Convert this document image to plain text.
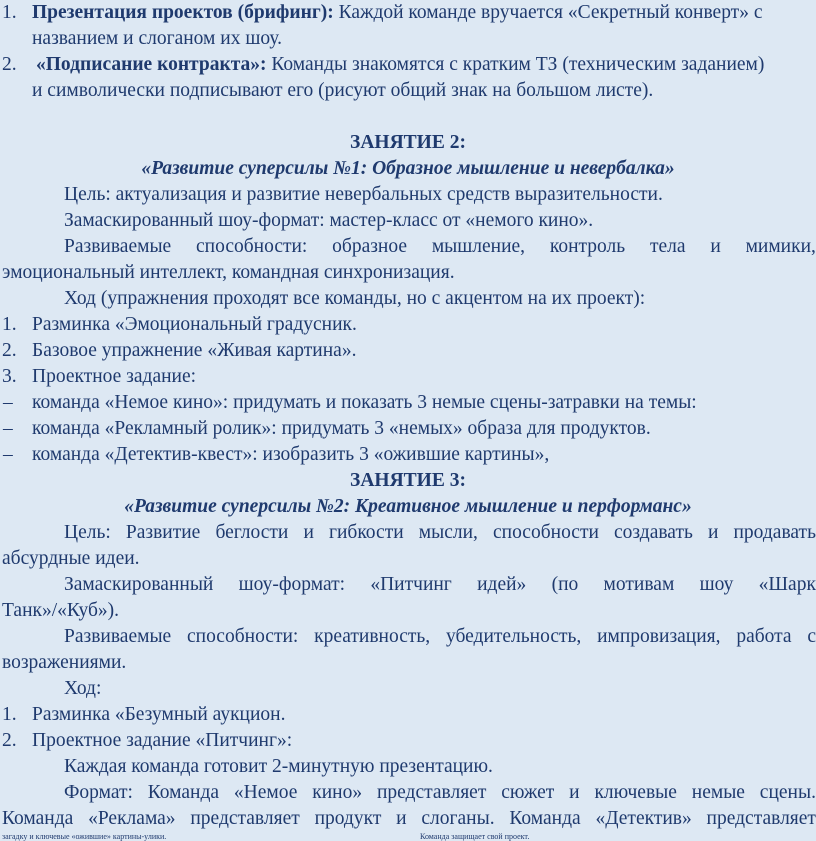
1. Презентация проектов (брифинг): Каждой команде вручается «Секретный конверт» с
названием и слоганом их шоу.
2. «Подписание контракта»: Команды знакомятся с кратким ТЗ (техническим заданием)
и символически подписывают его (рисуют общий знак на большом листе).
ЗАНЯТИЕ 2:
«Развитие суперсилы №1: Образное мышление и невербалка»
Цель: актуализация и развитие невербальных средств выразительности.
Замаскированный шоу-формат: мастер-класс от «немого кино».
Развиваемые способности: образное мышление, контроль тела и мимики,
эмоциональный интеллект, командная синхронизация.
Ход (упражнения проходят все команды, но с акцентом на их проект):
1. Разминка «Эмоциональный градусник.
2. Базовое упражнение «Живая картина».
3. Проектное задание:
– команда «Немое кино»: придумать и показать 3 немые сцены-затравки на темы:
– команда «Рекламный ролик»: придумать 3 «немых» образа для продуктов.
– команда «Детектив-квест»: изобразить 3 «ожившие картины»,
ЗАНЯТИЕ 3:
«Развитие суперсилы №2: Креативное мышление и перформанс»
Цель: Развитие беглости и гибкости мысли, способности создавать и продавать
абсурдные идеи.
Замаскированный шоу-формат: «Питчинг идей» (по мотивам шоу «Шарк
Танк»/«Куб»).
Развиваемые способности: креативность, убедительность, импровизация, работа с
возражениями.
Ход:
1. Разминка «Безумный аукцион.
2. Проектное задание «Питчинг»:
Каждая команда готовит 2-минутную презентацию.
Формат: Команда «Немое кино» представляет сюжет и ключевые немые сцены.
Команда «Реклама» представляет продукт и слоганы. Команда «Детектив» представляет
загадку и ключевые «ожившие» картины-улики.	Команда защищает свой проект.
